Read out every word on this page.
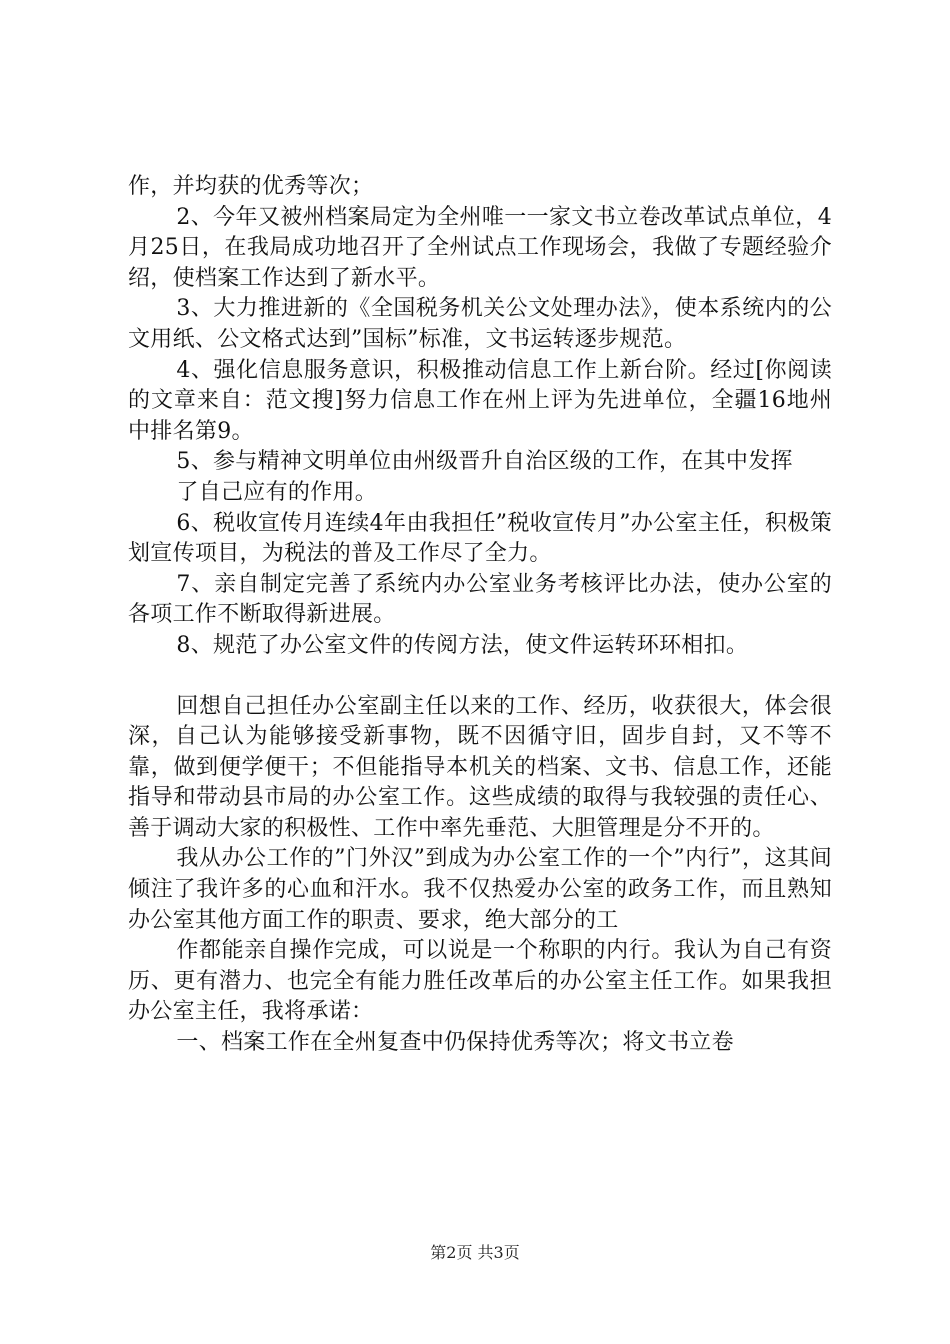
作，并均获的优秀等次；

2、今年又被州档案局定为全州唯一一家文书立卷改革试点单位，4月25日，在我局成功地召开了全州试点工作现场会，我做了专题经验介绍，使档案工作达到了新水平。

3、大力推进新的《全国税务机关公文处理办法》，使本系统内的公文用纸、公文格式达到”国标”标准，文书运转逐步规范。

4、强化信息服务意识，积极推动信息工作上新台阶。经过[你阅读的文章来自：范文搜]努力信息工作在州上评为先进单位，全疆16地州中排名第9。

5、参与精神文明单位由州级晋升自治区级的工作，在其中发挥

了自己应有的作用。

6、税收宣传月连续4年由我担任”税收宣传月”办公室主任，积极策划宣传项目，为税法的普及工作尽了全力。

7、亲自制定完善了系统内办公室业务考核评比办法，使办公室的各项工作不断取得新进展。

8、规范了办公室文件的传阅方法，使文件运转环环相扣。

回想自己担任办公室副主任以来的工作、经历，收获很大，体会很深，自己认为能够接受新事物，既不因循守旧，固步自封，又不等不靠，做到便学便干；不但能指导本机关的档案、文书、信息工作，还能指导和带动县市局的办公室工作。这些成绩的取得与我较强的责任心、善于调动大家的积极性、工作中率先垂范、大胆管理是分不开的。

我从办公工作的”门外汉”到成为办公室工作的一个”内行”，这其间倾注了我许多的心血和汗水。我不仅热爱办公室的政务工作，而且熟知办公室其他方面工作的职责、要求，绝大部分的工

作都能亲自操作完成，可以说是一个称职的内行。我认为自己有资历、更有潜力、也完全有能力胜任改革后的办公室主任工作。如果我担办公室主任，我将承诺：

一、档案工作在全州复查中仍保持优秀等次；将文书立卷

第2页 共3页
